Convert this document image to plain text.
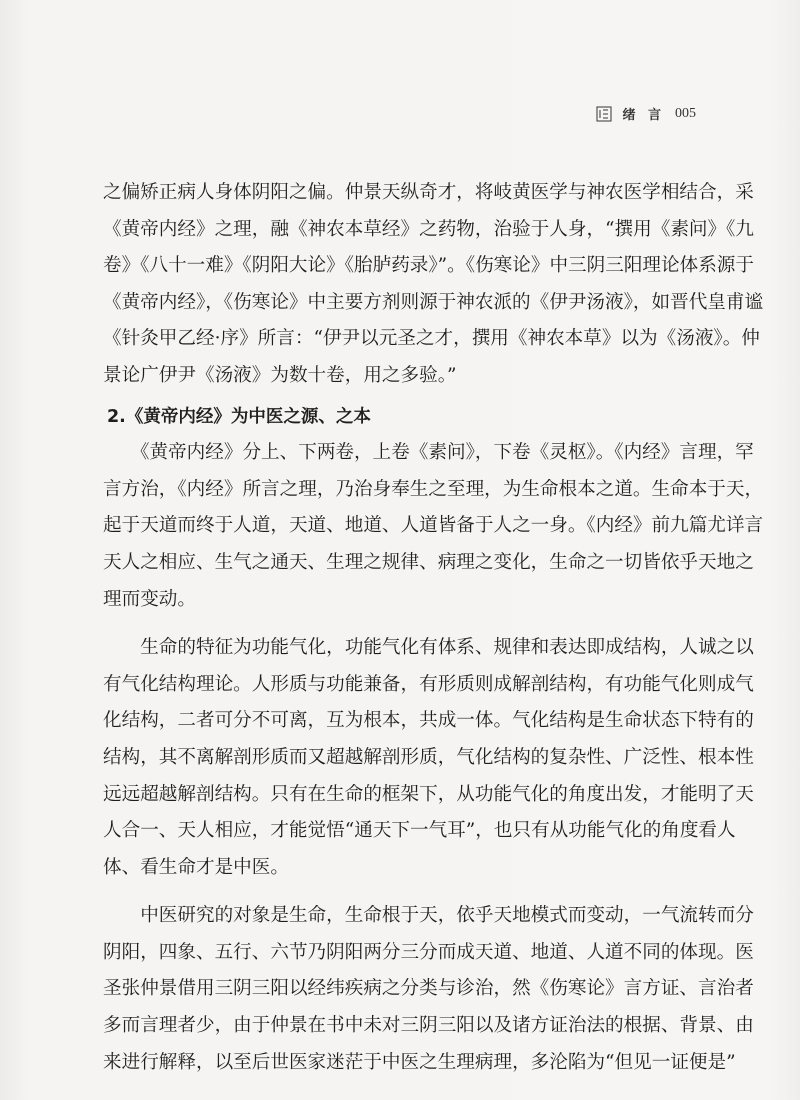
绪 言 005

之偏矫正病人身体阴阳之偏。仲景天纵奇才，将岐黄医学与神农医学相结合，采
《黄帝内经》之理，融《神农本草经》之药物，治验于人身，“撰用《素问》《九
卷》《八十一难》《阴阳大论》《胎胪药录》”。《伤寒论》中三阴三阳理论体系源于
《黄帝内经》，《伤寒论》中主要方剂则源于神农派的《伊尹汤液》，如晋代皇甫谧
《针灸甲乙经·序》所言：“伊尹以元圣之才，撰用《神农本草》以为《汤液》。仲
景论广伊尹《汤液》为数十卷，用之多验。”

2.《黄帝内经》为中医之源、之本

　　《黄帝内经》分上、下两卷，上卷《素问》，下卷《灵枢》。《内经》言理，罕
言方治，《内经》所言之理，乃治身奉生之至理，为生命根本之道。生命本于天，
起于天道而终于人道，天道、地道、人道皆备于人之一身。《内经》前九篇尤详言
天人之相应、生气之通天、生理之规律、病理之变化，生命之一切皆依乎天地之
理而变动。

　　生命的特征为功能气化，功能气化有体系、规律和表达即成结构，人诚之以
有气化结构理论。人形质与功能兼备，有形质则成解剖结构，有功能气化则成气
化结构，二者可分不可离，互为根本，共成一体。气化结构是生命状态下特有的
结构，其不离解剖形质而又超越解剖形质，气化结构的复杂性、广泛性、根本性
远远超越解剖结构。只有在生命的框架下，从功能气化的角度出发，才能明了天
人合一、天人相应，才能觉悟“通天下一气耳”，也只有从功能气化的角度看人
体、看生命才是中医。

　　中医研究的对象是生命，生命根于天，依乎天地模式而变动，一气流转而分
阴阳，四象、五行、六节乃阴阳两分三分而成天道、地道、人道不同的体现。医
圣张仲景借用三阴三阳以经纬疾病之分类与诊治，然《伤寒论》言方证、言治者
多而言理者少，由于仲景在书中未对三阴三阳以及诸方证治法的根据、背景、由
来进行解释，以至后世医家迷茫于中医之生理病理，多沦陷为“但见一证便是”
